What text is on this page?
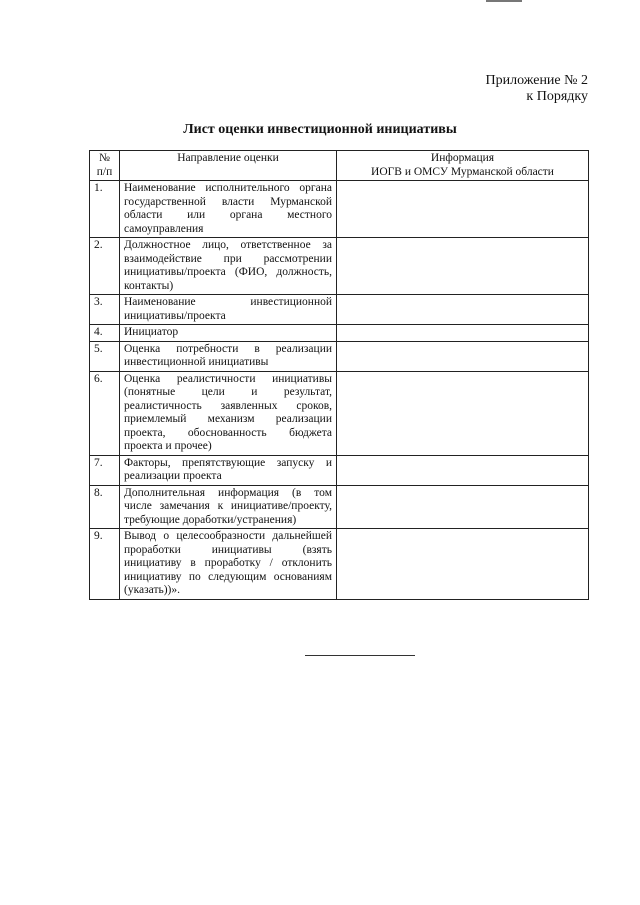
Приложение № 2
к Порядку
Лист оценки инвестиционной инициативы
№ п/п	Направление оценки	Информация
ИОГВ и ОМСУ Мурманской области

1.	Наименование исполнительного органа государственной власти Мурманской области или органа местного самоуправления	
2.	Должностное лицо, ответственное за взаимодействие при рассмотрении инициативы/проекта (ФИО, должность, контакты)	
3.	Наименование инвестиционной инициативы/проекта	
4.	Инициатор	
5.	Оценка потребности в реализации инвестиционной инициативы	
6.	Оценка реалистичности инициативы (понятные цели и результат, реалистичность заявленных сроков, приемлемый механизм реализации проекта, обоснованность бюджета проекта и прочее)	
7.	Факторы, препятствующие запуску и реализации проекта	
8.	Дополнительная информация (в том числе замечания к инициативе/проекту, требующие доработки/устранения)	
9.	Вывод о целесообразности дальнейшей проработки инициативы (взять инициативу в проработку / отклонить инициативу по следующим основаниям (указать))».	
